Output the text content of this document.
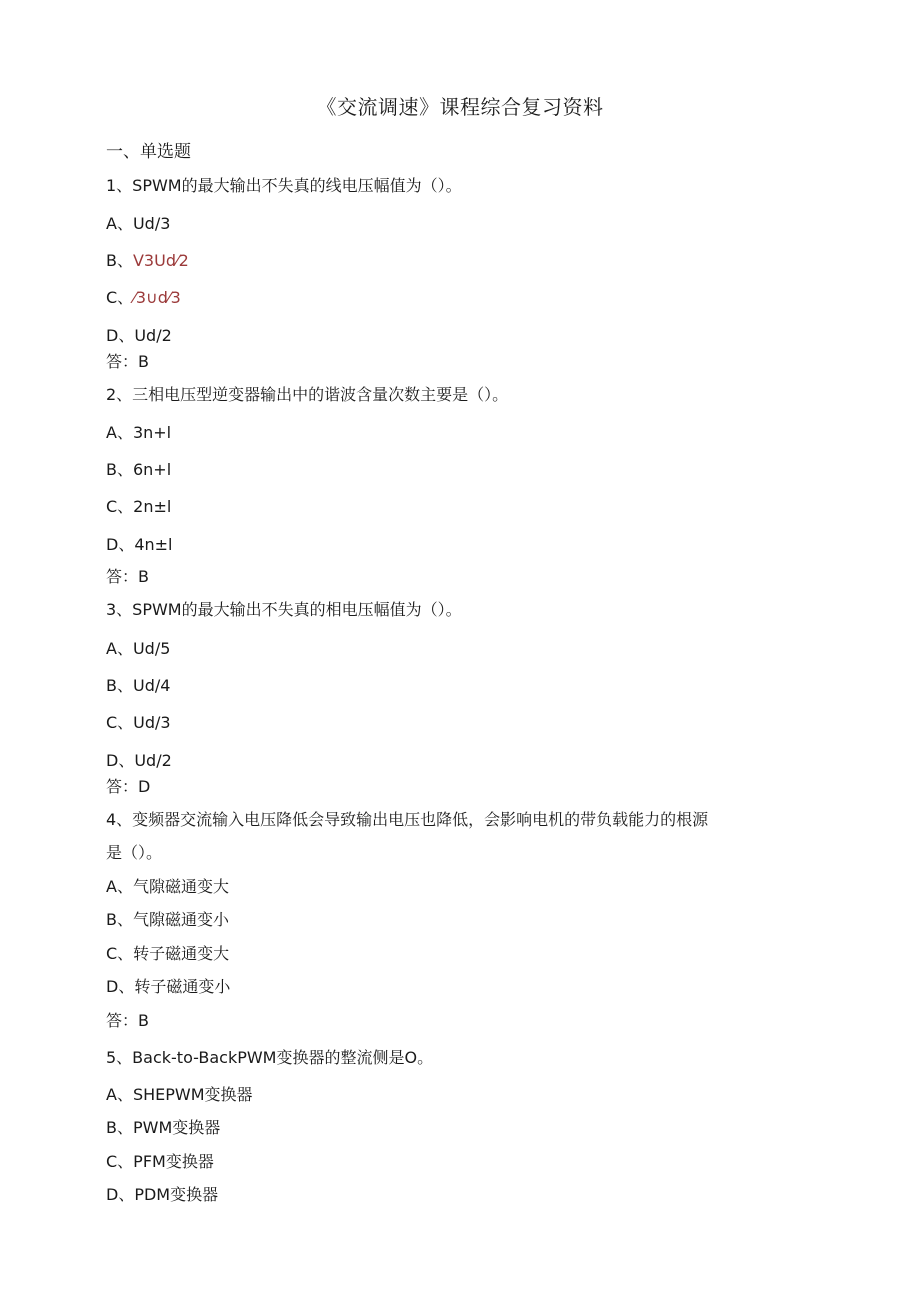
《交流调速》课程综合复习资料
一、单选题
1、SPWM的最大输出不失真的线电压幅值为（）。
A、Ud/3
B、V3Ud⁄2
C、⁄3∪d⁄3
D、Ud/2
答：B
2、三相电压型逆变器输出中的谐波含量次数主要是（）。
A、3n+l
B、6n+l
C、2n±l
D、4n±l
答：B
3、SPWM的最大输出不失真的相电压幅值为（）。
A、Ud/5
B、Ud/4
C、Ud/3
D、Ud/2
答：D
4、变频器交流输入电压降低会导致输出电压也降低，会影响电机的带负载能力的根源
是（）。
A、气隙磁通变大
B、气隙磁通变小
C、转子磁通变大
D、转子磁通变小
答：B
5、Back-to-BackPWM变换器的整流侧是O。
A、SHEPWM变换器
B、PWM变换器
C、PFM变换器
D、PDM变换器
